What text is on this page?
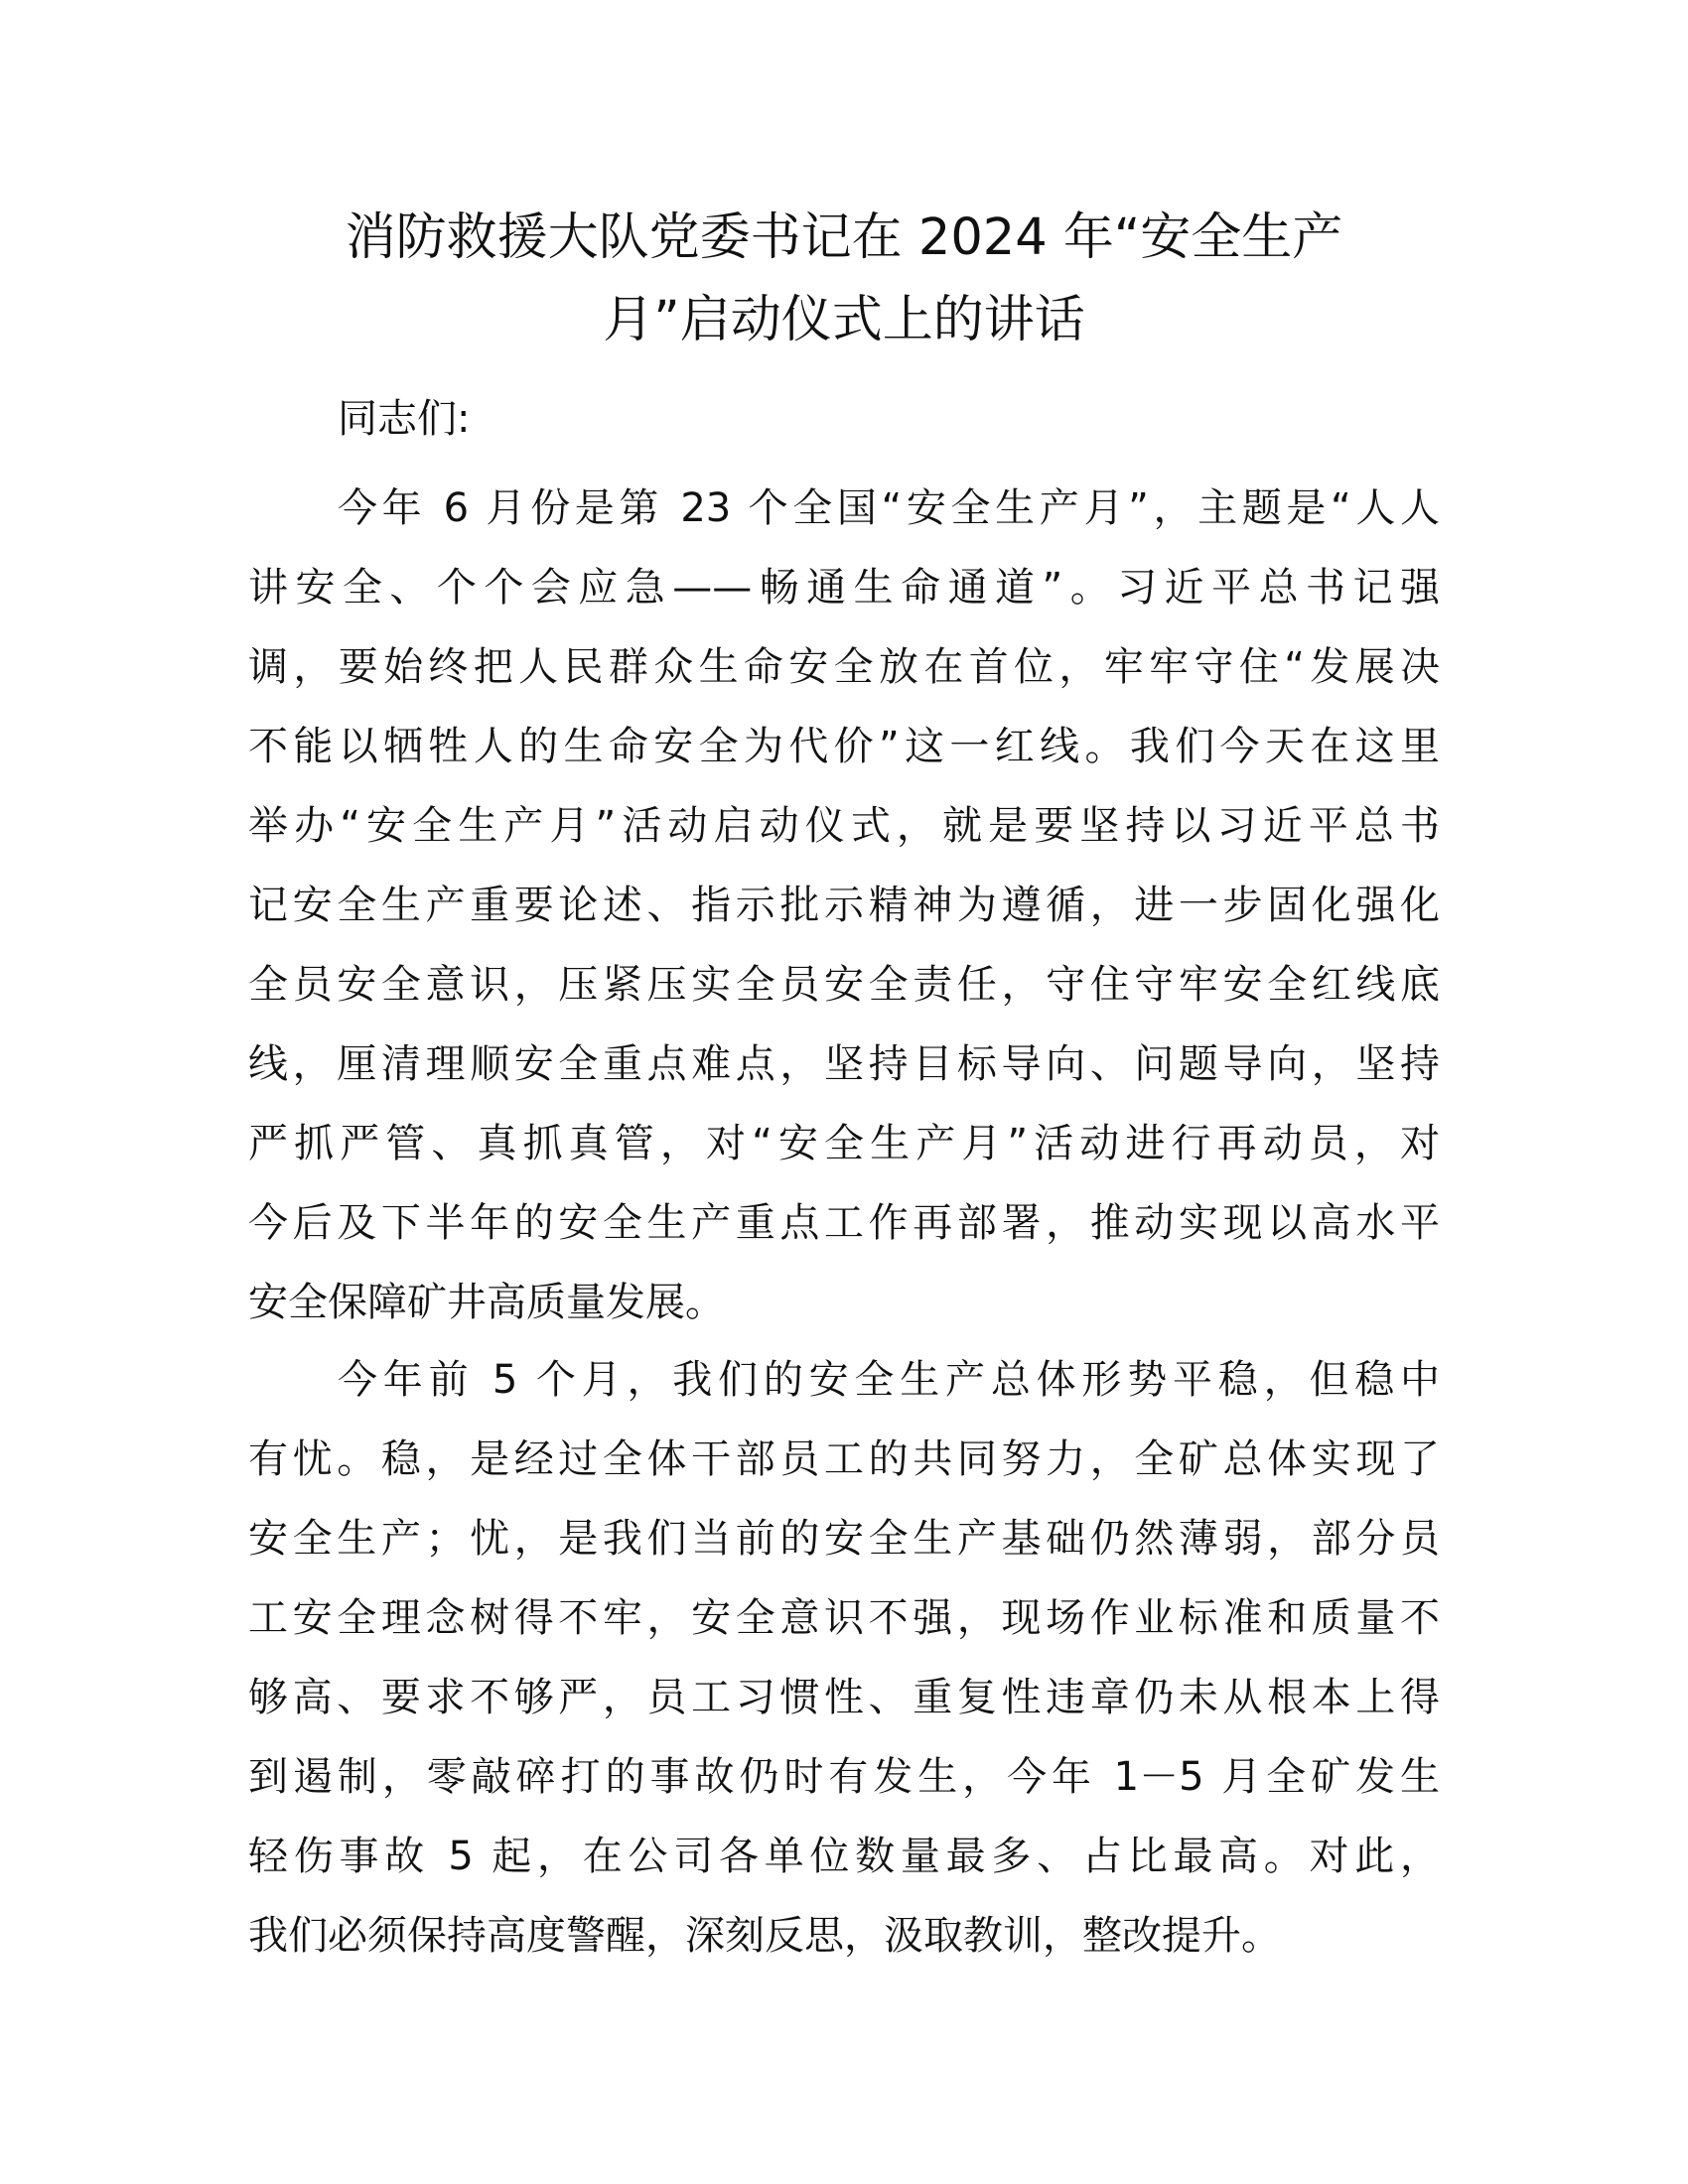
消防救援大队党委书记在 2024 年“安全生产
月”启动仪式上的讲话

同志们:

今年 6 月份是第 23 个全国“安全生产月”，主题是“人人
讲安全、个个会应急——畅通生命通道”。习近平总书记强
调，要始终把人民群众生命安全放在首位，牢牢守住“发展决
不能以牺牲人的生命安全为代价”这一红线。我们今天在这里
举办“安全生产月”活动启动仪式，就是要坚持以习近平总书
记安全生产重要论述、指示批示精神为遵循，进一步固化强化
全员安全意识，压紧压实全员安全责任，守住守牢安全红线底
线，厘清理顺安全重点难点，坚持目标导向、问题导向，坚持
严抓严管、真抓真管，对“安全生产月”活动进行再动员，对
今后及下半年的安全生产重点工作再部署，推动实现以高水平
安全保障矿井高质量发展。

今年前 5 个月，我们的安全生产总体形势平稳，但稳中
有忧。稳，是经过全体干部员工的共同努力，全矿总体实现了
安全生产；忧，是我们当前的安全生产基础仍然薄弱，部分员
工安全理念树得不牢，安全意识不强，现场作业标准和质量不
够高、要求不够严，员工习惯性、重复性违章仍未从根本上得
到遏制，零敲碎打的事故仍时有发生，今年 1－5 月全矿发生
轻伤事故 5 起，在公司各单位数量最多、占比最高。对此，
我们必须保持高度警醒，深刻反思，汲取教训，整改提升。
